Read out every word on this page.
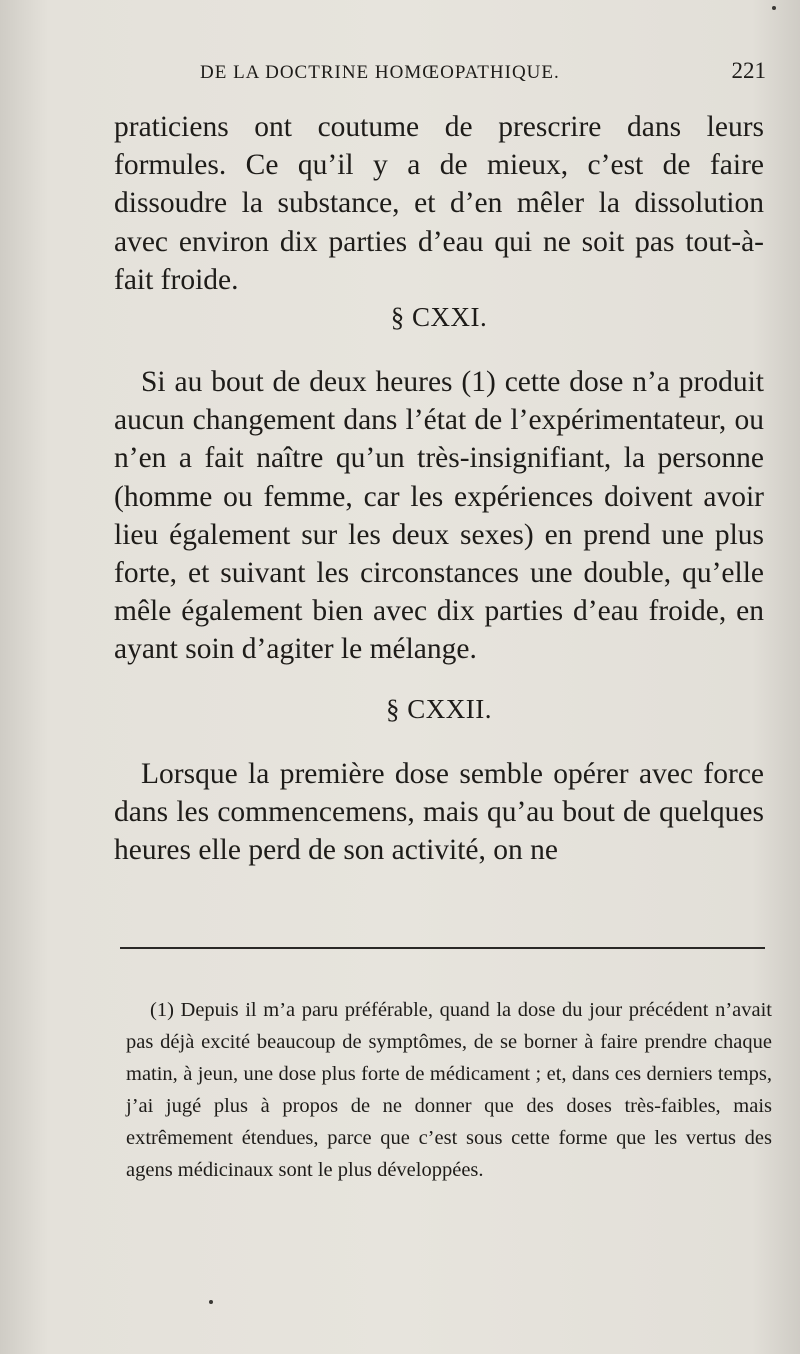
DE LA DOCTRINE HOMŒOPATHIQUE.	221

praticiens ont coutume de prescrire dans leurs formules. Ce qu’il y a de mieux, c’est de faire dissoudre la substance, et d’en mêler la dissolution avec environ dix parties d’eau qui ne soit pas tout-à-fait froide.

§ CXXI.

Si au bout de deux heures (1) cette dose n’a produit aucun changement dans l’état de l’expérimentateur, ou n’en a fait naître qu’un très-insignifiant, la personne (homme ou femme, car les expériences doivent avoir lieu également sur les deux sexes) en prend une plus forte, et suivant les circonstances une double, qu’elle mêle également bien avec dix parties d’eau froide, en ayant soin d’agiter le mélange.

§ CXXII.

Lorsque la première dose semble opérer avec force dans les commencemens, mais qu’au bout de quelques heures elle perd de son activité, on ne

(1) Depuis il m’a paru préférable, quand la dose du jour précédent n’avait pas déjà excité beaucoup de symptômes, de se borner à faire prendre chaque matin, à jeun, une dose plus forte de médicament ; et, dans ces derniers temps, j’ai jugé plus à propos de ne donner que des doses très-faibles, mais extrêmement étendues, parce que c’est sous cette forme que les vertus des agens médicinaux sont le plus développées.
